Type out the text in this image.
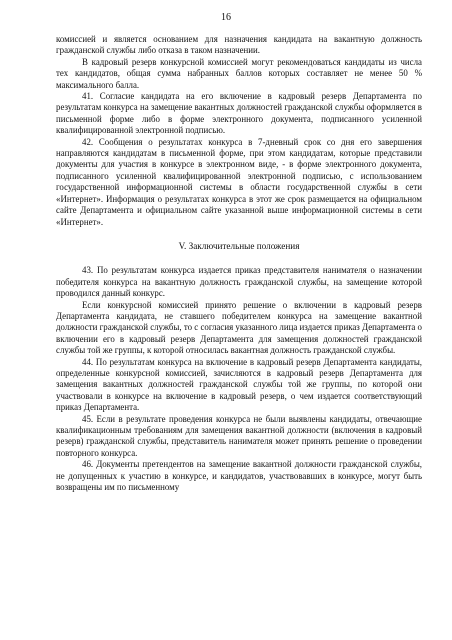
16

комиссией и является основанием для назначения кандидата на вакантную должность гражданской службы либо отказа в таком назначении.

В кадровый резерв конкурсной комиссией могут рекомендоваться кандидаты из числа тех кандидатов, общая сумма набранных баллов которых составляет не менее 50 % максимального балла.

41. Согласие кандидата на его включение в кадровый резерв Департамента по результатам конкурса на замещение вакантных должностей гражданской службы оформляется в письменной форме либо в форме электронного документа, подписанного усиленной квалифицированной электронной подписью.

42. Сообщения о результатах конкурса в 7-дневный срок со дня его завершения направляются кандидатам в письменной форме, при этом кандидатам, которые представили документы для участия в конкурсе в электронном виде, - в форме электронного документа, подписанного усиленной квалифицированной электронной подписью, с использованием государственной информационной системы в области государственной службы в сети «Интернет». Информация о результатах конкурса в этот же срок размещается на официальном сайте Департамента и официальном сайте указанной выше информационной системы в сети «Интернет».

V. Заключительные положения

43. По результатам конкурса издается приказ представителя нанимателя о назначении победителя конкурса на вакантную должность гражданской службы, на замещение которой проводился данный конкурс.

Если конкурсной комиссией принято решение о включении в кадровый резерв Департамента кандидата, не ставшего победителем конкурса на замещение вакантной должности гражданской службы, то с согласия указанного лица издается приказ Департамента о включении его в кадровый резерв Департамента для замещения должностей гражданской службы той же группы, к которой относилась вакантная должность гражданской службы.

44. По результатам конкурса на включение в кадровый резерв Департамента кандидаты, определенные конкурсной комиссией, зачисляются в кадровый резерв Департамента для замещения вакантных должностей гражданской службы той же группы, по которой они участвовали в конкурсе на включение в кадровый резерв, о чем издается соответствующий приказ Департамента.

45. Если в результате проведения конкурса не были выявлены кандидаты, отвечающие квалификационным требованиям для замещения вакантной должности (включения в кадровый резерв) гражданской службы, представитель нанимателя может принять решение о проведении повторного конкурса.

46. Документы претендентов на замещение вакантной должности гражданской службы, не допущенных к участию в конкурсе, и кандидатов, участвовавших в конкурсе, могут быть возвращены им по письменному
